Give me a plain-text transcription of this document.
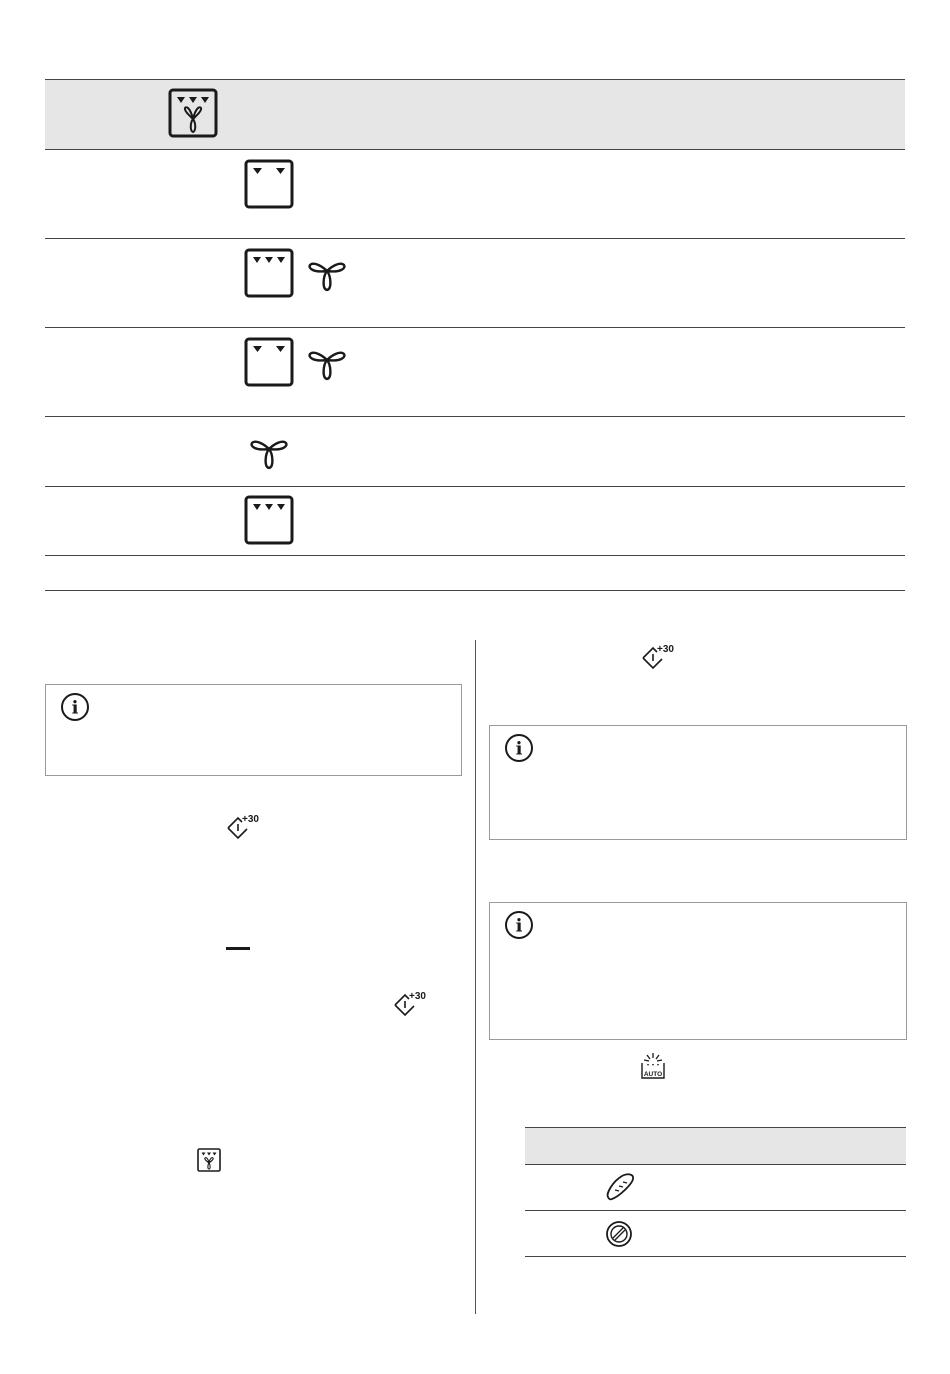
i
+30
+30
+30
i
i
AUTO
